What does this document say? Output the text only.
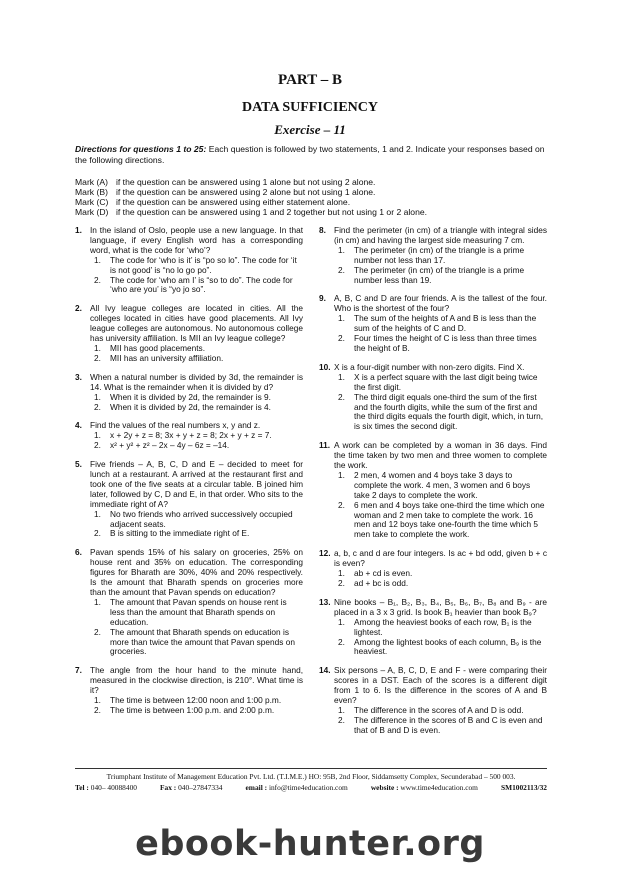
PART – B
DATA SUFFICIENCY
Exercise – 11
Directions for questions 1 to 25: Each question is followed by two statements, 1 and 2. Indicate your responses based on the following directions.
Mark (A) if the question can be answered using 1 alone but not using 2 alone.
Mark (B) if the question can be answered using 2 alone but not using 1 alone.
Mark (C) if the question can be answered using either statement alone.
Mark (D) if the question can be answered using 1 and 2 together but not using 1 or 2 alone.
1. In the island of Oslo, people use a new language. In that language, if every English word has a corresponding word, what is the code for ‘who’?
1. The code for ‘who is it’ is “po so lo”. The code for ‘it is not good’ is “no lo go po”.
2. The code for ‘who am I’ is “so to do”. The code for ‘who are you’ is “yo jo so”.
2. All Ivy league colleges are located in cities. All the colleges located in cities have good placements. All Ivy league colleges are autonomous. No autonomous college has university affiliation. Is MII an Ivy league college?
1. MII has good placements.
2. MII has an university affiliation.
3. When a natural number is divided by 3d, the remainder is 14. What is the remainder when it is divided by d?
1. When it is divided by 2d, the remainder is 9.
2. When it is divided by 2d, the remainder is 4.
4. Find the values of the real numbers x, y and z.
1. x + 2y + z = 8; 3x + y + z = 8; 2x + y + z = 7.
2. x² + y² + z² – 2x – 4y – 6z = –14.
5. Five friends – A, B, C, D and E – decided to meet for lunch at a restaurant. A arrived at the restaurant first and took one of the five seats at a circular table. B joined him later, followed by C, D and E, in that order. Who sits to the immediate right of A?
1. No two friends who arrived successively occupied adjacent seats.
2. B is sitting to the immediate right of E.
6. Pavan spends 15% of his salary on groceries, 25% on house rent and 35% on education. The corresponding figures for Bharath are 30%, 40% and 20% respectively. Is the amount that Bharath spends on groceries more than the amount that Pavan spends on education?
1. The amount that Pavan spends on house rent is less than the amount that Bharath spends on education.
2. The amount that Bharath spends on education is more than twice the amount that Pavan spends on groceries.
7. The angle from the hour hand to the minute hand, measured in the clockwise direction, is 210°. What time is it?
1. The time is between 12:00 noon and 1:00 p.m.
2. The time is between 1:00 p.m. and 2:00 p.m.
8. Find the perimeter (in cm) of a triangle with integral sides (in cm) and having the largest side measuring 7 cm.
1. The perimeter (in cm) of the triangle is a prime number not less than 17.
2. The perimeter (in cm) of the triangle is a prime number less than 19.
9. A, B, C and D are four friends. A is the tallest of the four. Who is the shortest of the four?
1. The sum of the heights of A and B is less than the sum of the heights of C and D.
2. Four times the height of C is less than three times the height of B.
10. X is a four-digit number with non-zero digits. Find X.
1. X is a perfect square with the last digit being twice the first digit.
2. The third digit equals one-third the sum of the first and the fourth digits, while the sum of the first and the third digits equals the fourth digit, which, in turn, is six times the second digit.
11. A work can be completed by a woman in 36 days. Find the time taken by two men and three women to complete the work.
1. 2 men, 4 women and 4 boys take 3 days to complete the work. 4 men, 3 women and 6 boys take 2 days to complete the work.
2. 6 men and 4 boys take one-third the time which one woman and 2 men take to complete the work. 16 men and 12 boys take one-fourth the time which 5 men take to complete the work.
12. a, b, c and d are four integers. Is ac + bd odd, given b + c is even?
1. ab + cd is even.
2. ad + bc is odd.
13. Nine books – B₁, B₂, B₃, B₄, B₅, B₆, B₇, B₈ and B₉ - are placed in a 3 x 3 grid. Is book B₁ heavier than book B₉?
1. Among the heaviest books of each row, B₁ is the lightest.
2. Among the lightest books of each column, B₉ is the heaviest.
14. Six persons – A, B, C, D, E and F - were comparing their scores in a DST. Each of the scores is a different digit from 1 to 6. Is the difference in the scores of A and B even?
1. The difference in the scores of A and D is odd.
2. The difference in the scores of B and C is even and that of B and D is even.
Triumphant Institute of Management Education Pvt. Ltd. (T.I.M.E.) HO: 95B, 2nd Floor, Siddamsetty Complex, Secunderabad – 500 003.
Tel : 040– 40088400	Fax : 040–27847334	email : info@time4education.com	website : www.time4education.com	SM1002113/32
ebook-hunter.org
